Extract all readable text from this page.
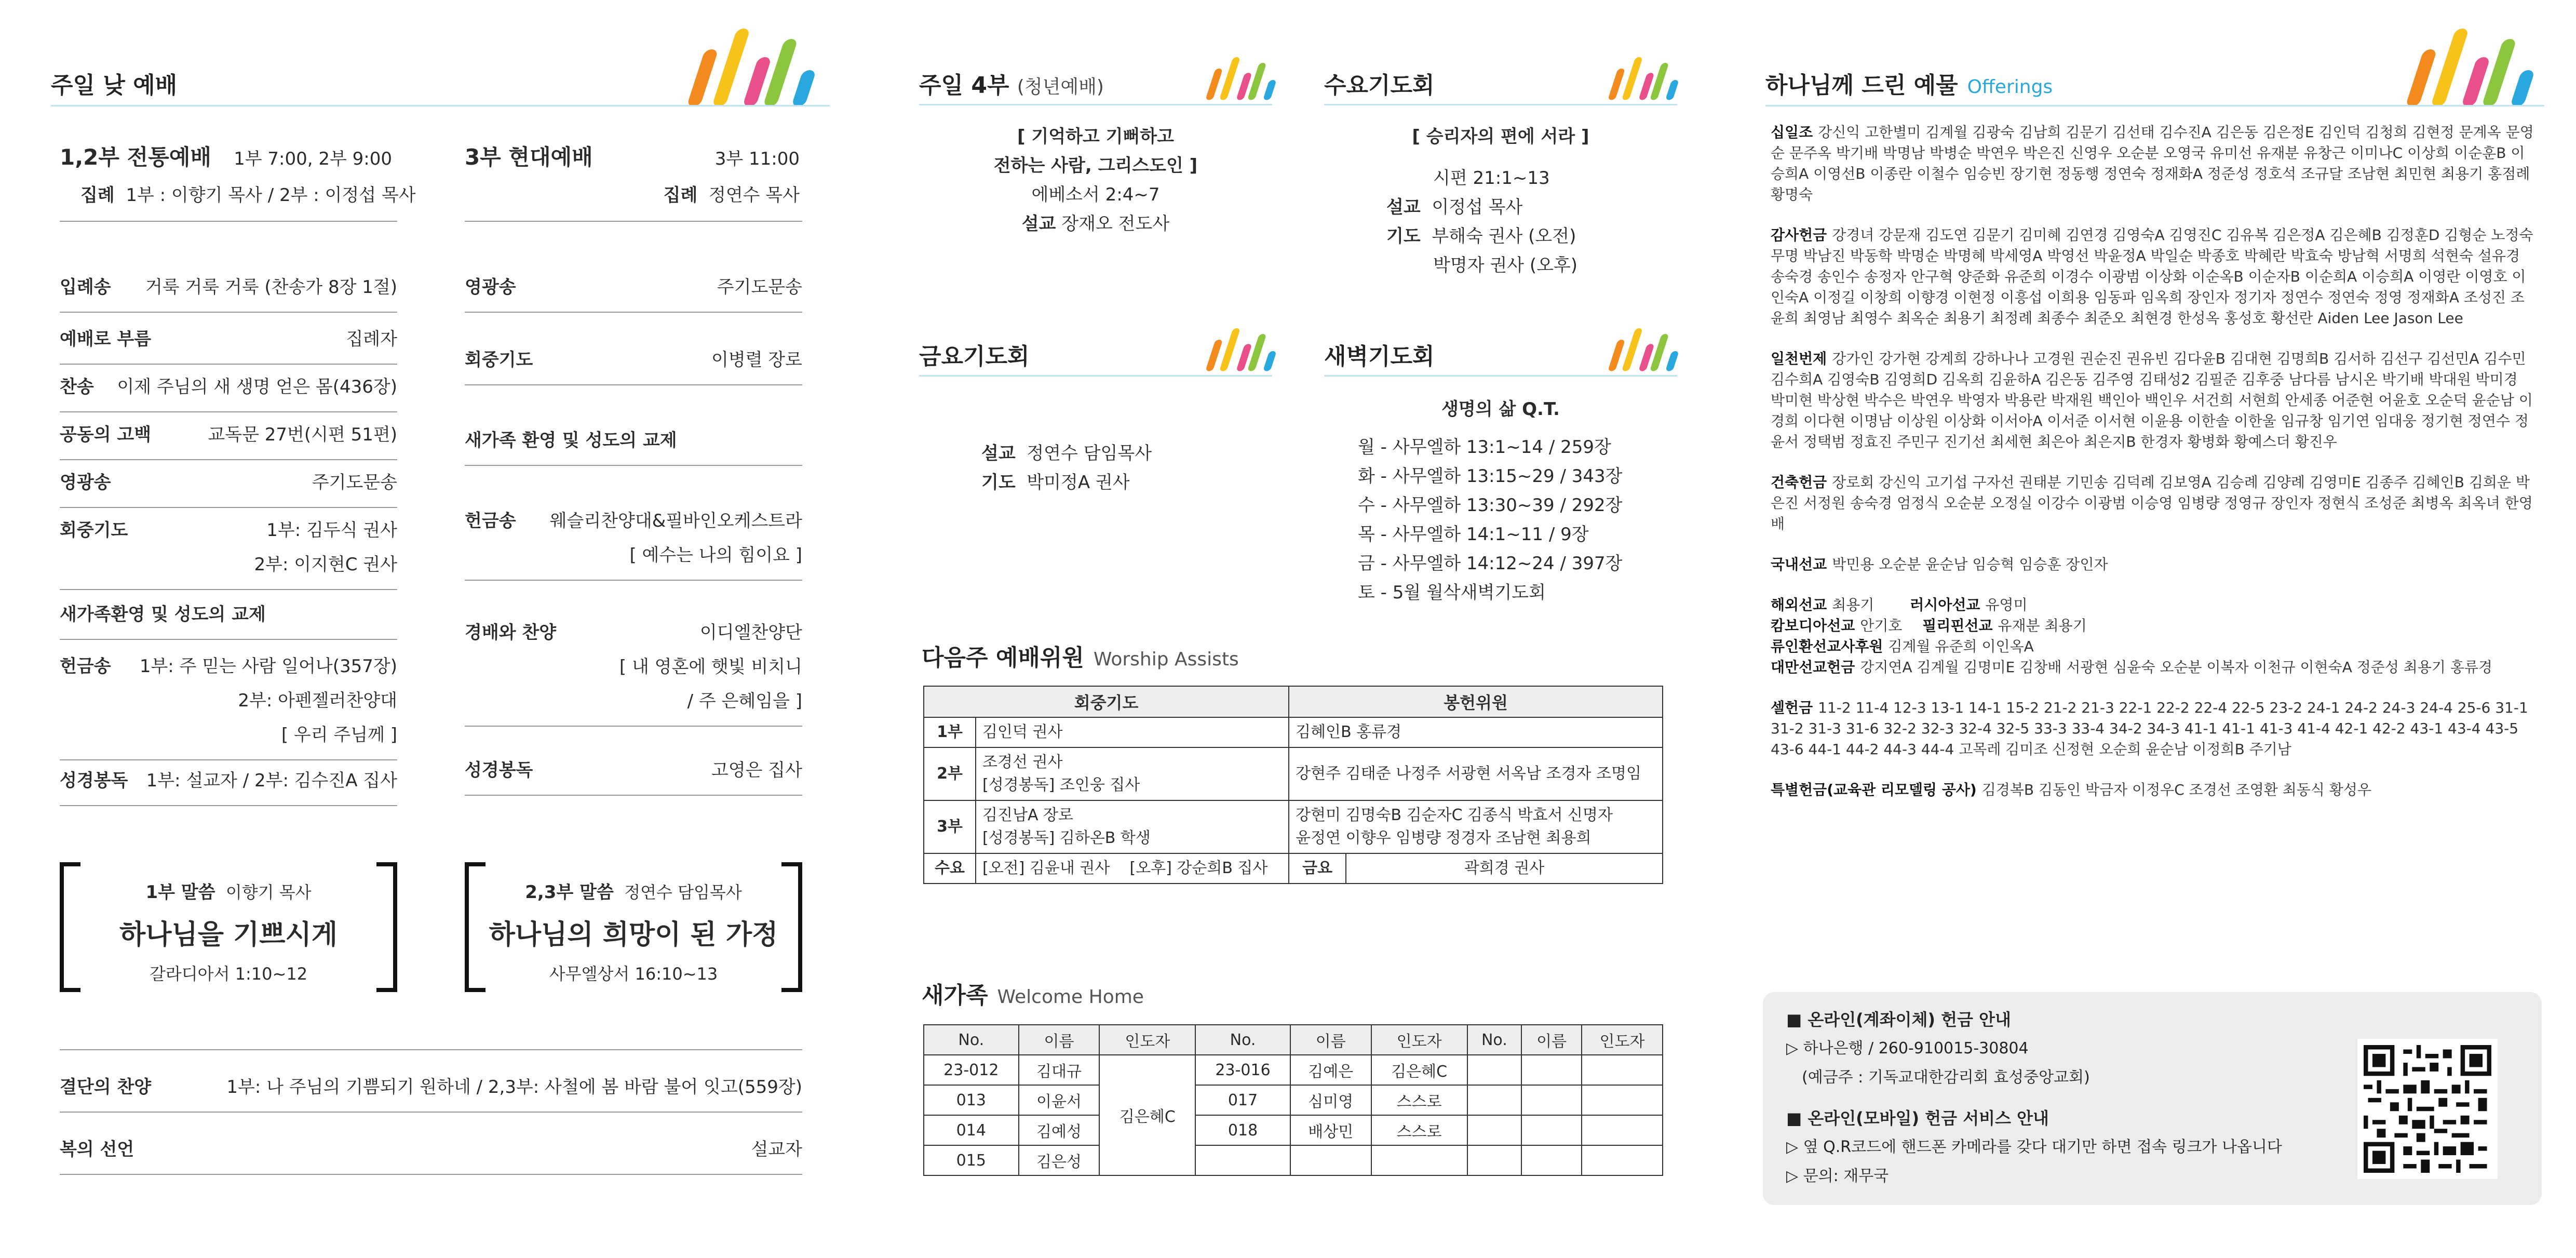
주일 낮 예배
1,2부 전통예배 1부 7:00, 2부 9:00
집례 1부 : 이향기 목사 / 2부 : 이정섭 목사
3부 현대예배	3부 11:00
집례 정연수 목사
입례송 거룩 거룩 거룩 (찬송가 8장 1절)
예배로 부름	집례자
찬송 이제 주님의 새 생명 얻은 몸(436장)
공동의 고백	교독문 27번(시편 51편)
영광송	주기도문송
회중기도	1부: 김두식 권사
2부: 이지현C 권사
새가족환영 및 성도의 교제
헌금송 1부: 주 믿는 사람 일어나(357장)
2부: 아펜젤러찬양대
[ 우리 주님께 ]
성경봉독 1부: 설교자 / 2부: 김수진A 집사
영광송	주기도문송
회중기도	이병렬 장로
새가족 환영 및 성도의 교제
헌금송 웨슬리찬양대&필바인오케스트라
[ 예수는 나의 힘이요 ]
경배와 찬양	이디엘찬양단
[ 내 영혼에 햇빛 비치니
/ 주 은혜임을 ]
성경봉독	고영은 집사
1부 말씀 이향기 목사
하나님을 기쁘시게
갈라디아서 1:10~12
2,3부 말씀 정연수 담임목사
하나님의 희망이 된 가정
사무엘상서 16:10~13
결단의 찬양	1부: 나 주님의 기쁨되기 원하네 / 2,3부: 사철에 봄 바람 불어 잇고(559장)
복의 선언	설교자
주일 4부 (청년예배)
[ 기억하고 기뻐하고
전하는 사람, 그리스도인 ]
에베소서 2:4~7
설교 장재오 전도사
수요기도회
[ 승리자의 편에 서라 ]
시편 21:1~13
설교 이정섭 목사
기도 부해숙 권사 (오전)
박명자 권사 (오후)
금요기도회
설교 정연수 담임목사
기도 박미정A 권사
새벽기도회
생명의 삶 Q.T.
월 - 사무엘하 13:1~14 / 259장
화 - 사무엘하 13:15~29 / 343장
수 - 사무엘하 13:30~39 / 292장
목 - 사무엘하 14:1~11 / 9장
금 - 사무엘하 14:12~24 / 397장
토 - 5월 월삭새벽기도회
다음주 예배위원 Worship Assists
회중기도		봉헌위원	
1부	김인덕 권사	김혜인B 홍류경	
2부	조경선 권사
[성경봉독] 조인웅 집사	강현주 김태준 나정주 서광현 서옥남 조경자 조명임	
3부	김진남A 장로
[성경봉독] 김하온B 학생	강현미 김명숙B 김순자C 김종식 박효서 신명자
윤정연 이향우 임병량 정경자 조남현 최용희	
수요	[오전] 김윤내 권사    [오후] 강순희B 집사	금요	곽희경 권사
새가족 Welcome Home
No.	이름	인도자	No.	이름	인도자	No.	이름	인도자
23-012	김대규	김은혜C	23-016	김예은	김은혜C			
013	이윤서		017	심미영	스스로			
014	김예성		018	배상민	스스로			
015	김은성							
하나님께 드린 예물 Offerings

십일조 강신익 고한별미 김계월 김광숙 김남희 김문기 김선태 김수진A 김은동 김은정E 김인덕 김청희 김현정 문계옥 문영순 문주옥 박기배 박명남 박병순 박연우 박은진 신영우 오순분 오영국 유미선 유재분 유창근 이미나C 이상희 이순훈B 이승희A 이영선B 이종란 이철수 임승빈 장기현 정동행 정연숙 정재화A 정준성 정호석 조규달 조남현 최민현 최용기 홍점례 황명숙

감사헌금 강경녀 강문재 김도연 김문기 김미혜 김연경 김영숙A 김영진C 김유복 김은정A 김은혜B 김정훈D 김형순 노정숙 무명 박남진 박동학 박명순 박명혜 박세영A 박영선 박윤정A 박일순 박종호 박혜란 박효숙 방남혁 서명희 석현숙 설유경 송숙경 송인수 송정자 안구혁 양준화 유준희 이경수 이광범 이상화 이순옥B 이순자B 이순희A 이승희A 이영란 이영호 이인숙A 이정길 이창희 이향경 이현정 이흥섭 이희용 임동파 임옥희 장인자 정기자 정연수 정연숙 정영 정재화A 조성진 조윤희 최영남 최영수 최옥순 최용기 최정례 최종수 최준오 최현경 한성옥 홍성호 황선란 Aiden Lee Jason Lee

일천번제 강가인 강가현 강계희 강하나나 고경원 권순진 권유빈 김다윤B 김대현 김명희B 김서하 김선구 김선민A 김수민 김수희A 김영숙B 김영희D 김옥희 김윤하A 김은동 김주영 김태성2 김필준 김후중 남다름 남시온 박기배 박대원 박미경 박미현 박상현 박수은 박연우 박영자 박용란 박재원 백인아 백인우 서건희 서현희 안세종 어준현 어윤호 오순덕 윤순남 이경희 이다현 이명남 이상원 이상화 이서아A 이서준 이서현 이윤용 이한솔 이한울 임규창 임기연 임대웅 정기현 정연수 정윤서 정택범 정효진 주민구 진기선 최세현 최은아 최은지B 한경자 황병화 황예스더 황진우

건축헌금 장로회 강신익 고기섭 구자선 권태분 기민송 김덕례 김보영A 김승례 김양례 김영미E 김종주 김혜인B 김희운 박은진 서정원 송숙경 엄정식 오순분 오정실 이강수 이광범 이승영 임병량 정영규 장인자 정현식 조성준 최병옥 최옥녀 한영배

국내선교 박민용 오순분 윤순남 임승혁 임승훈 장인자

해외선교 최용기 러시아선교 유영미
캄보디아선교 안기호 필리핀선교 유재분 최용기
류인환선교사후원 김계월 유준희 이인옥A
대만선교헌금 강지연A 김계월 김명미E 김창배 서광현 심윤숙 오순분 이복자 이천규 이현숙A 정준성 최용기 홍류경

셀헌금 11-2 11-4 12-3 13-1 14-1 15-2 21-2 21-3 22-1 22-2 22-4 22-5 23-2 24-1 24-2 24-3 24-4 25-6 31-1 31-2 31-3 31-6 32-2 32-3 32-4 32-5 33-3 33-4 34-2 34-3 41-1 41-1 41-3 41-4 42-1 42-2 43-1 43-4 43-5 43-6 44-1 44-2 44-3 44-4 고목레 김미조 신정현 오순희 윤순남 이정희B 주기남

특별헌금(교육관 리모델링 공사) 김경복B 김동인 박금자 이정우C 조경선 조영환 최동식 황성우

■ 온라인(계좌이체) 헌금 안내
▷ 하나은행 / 260-910015-30804
(예금주 : 기독교대한감리회 효성중앙교회)
■ 온라인(모바일) 헌금 서비스 안내
▷ 옆 Q.R코드에 핸드폰 카메라를 갖다 대기만 하면 접속 링크가 나옵니다
▷ 문의: 재무국
